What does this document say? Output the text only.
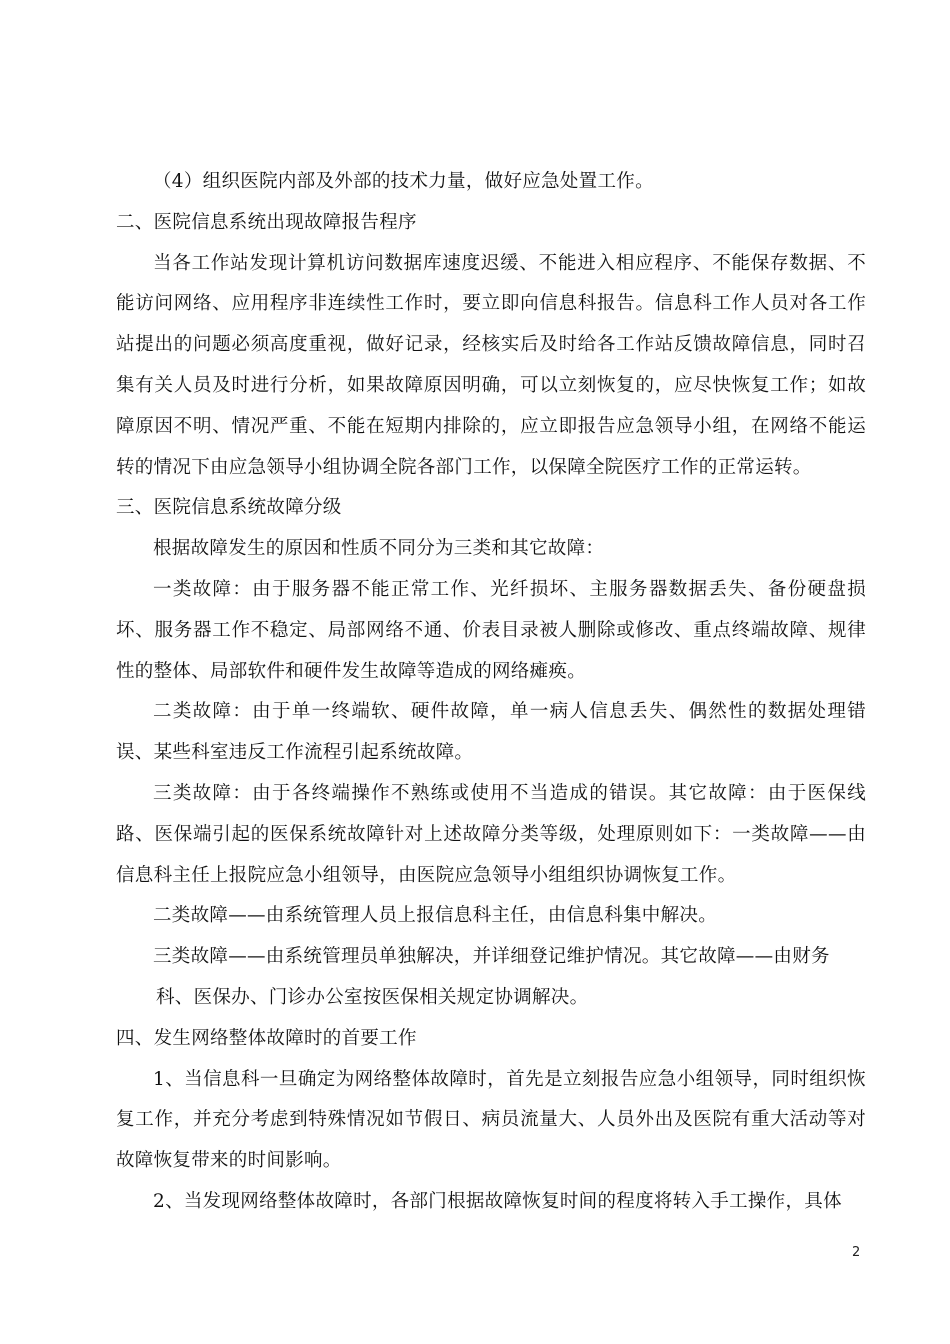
（4）组织医院内部及外部的技术力量，做好应急处置工作。

二、医院信息系统出现故障报告程序

当各工作站发现计算机访问数据库速度迟缓、不能进入相应程序、不能保存数据、不能访问网络、应用程序非连续性工作时，要立即向信息科报告。信息科工作人员对各工作站提出的问题必须高度重视，做好记录，经核实后及时给各工作站反馈故障信息，同时召集有关人员及时进行分析，如果故障原因明确，可以立刻恢复的，应尽快恢复工作；如故障原因不明、情况严重、不能在短期内排除的，应立即报告应急领导小组，在网络不能运转的情况下由应急领导小组协调全院各部门工作，以保障全院医疗工作的正常运转。

三、医院信息系统故障分级

根据故障发生的原因和性质不同分为三类和其它故障：

一类故障：由于服务器不能正常工作、光纤损坏、主服务器数据丢失、备份硬盘损坏、服务器工作不稳定、局部网络不通、价表目录被人删除或修改、重点终端故障、规律性的整体、局部软件和硬件发生故障等造成的网络瘫痪。

二类故障：由于单一终端软、硬件故障，单一病人信息丢失、偶然性的数据处理错误、某些科室违反工作流程引起系统故障。

三类故障：由于各终端操作不熟练或使用不当造成的错误。其它故障：由于医保线路、医保端引起的医保系统故障针对上述故障分类等级，处理原则如下：一类故障——由信息科主任上报院应急小组领导，由医院应急领导小组组织协调恢复工作。

二类故障——由系统管理人员上报信息科主任，由信息科集中解决。

三类故障——由系统管理员单独解决，并详细登记维护情况。其它故障——由财务

科、医保办、门诊办公室按医保相关规定协调解决。

四、发生网络整体故障时的首要工作

1、当信息科一旦确定为网络整体故障时，首先是立刻报告应急小组领导，同时组织恢复工作，并充分考虑到特殊情况如节假日、病员流量大、人员外出及医院有重大活动等对故障恢复带来的时间影响。

2、当发现网络整体故障时，各部门根据故障恢复时间的程度将转入手工操作，具体

2
